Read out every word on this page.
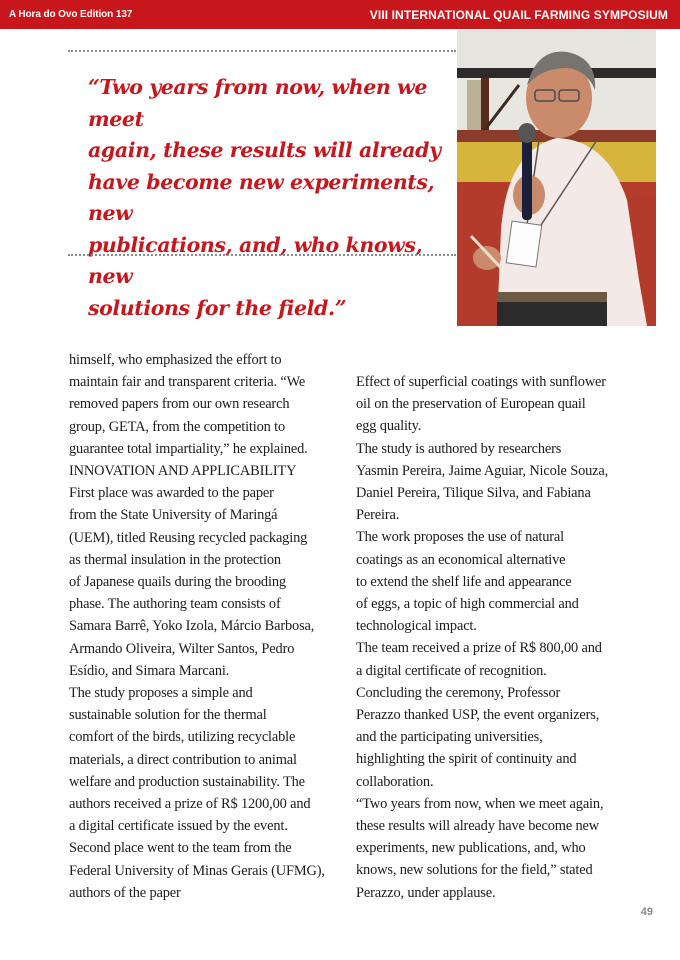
A Hora do Ovo Edition 137	VIII INTERNATIONAL QUAIL FARMING SYMPOSIUM
“Two years from now, when we meet
again, these results will already
have become new experiments, new
publications, and, who knows, new
solutions for the field.”

himself, who emphasized the effort to

maintain fair and transparent criteria. “We

removed papers from our own research

group, GETA, from the competition to

guarantee total impartiality,” he explained.

INNOVATION AND APPLICABILITY

First place was awarded to the paper

from the State University of Maringá

(UEM), titled Reusing recycled packaging

as thermal insulation in the protection

of Japanese quails during the brooding

phase. The authoring team consists of

Samara Barrê, Yoko Izola, Márcio Barbosa,

Armando Oliveira, Wilter Santos, Pedro

Esídio, and Simara Marcani.

The study proposes a simple and

sustainable solution for the thermal

comfort of the birds, utilizing recyclable

materials, a direct contribution to animal

welfare and production sustainability. The

authors received a prize of R$ 1200,00 and

a digital certificate issued by the event.

Second place went to the team from the

Federal University of Minas Gerais (UFMG),

authors of the paper

Effect of superficial coatings with sunflower

oil on the preservation of European quail

egg quality.

The study is authored by researchers

Yasmin Pereira, Jaime Aguiar, Nicole Souza,

Daniel Pereira, Tilique Silva, and Fabiana

Pereira.

The work proposes the use of natural

coatings as an economical alternative

to extend the shelf life and appearance

of eggs, a topic of high commercial and

technological impact.

The team received a prize of R$ 800,00 and

a digital certificate of recognition.

Concluding the ceremony, Professor

Perazzo thanked USP, the event organizers,

and the participating universities,

highlighting the spirit of continuity and

collaboration.

“Two years from now, when we meet again,

these results will already have become new

experiments, new publications, and, who

knows, new solutions for the field,” stated

Perazzo, under applause.

49
